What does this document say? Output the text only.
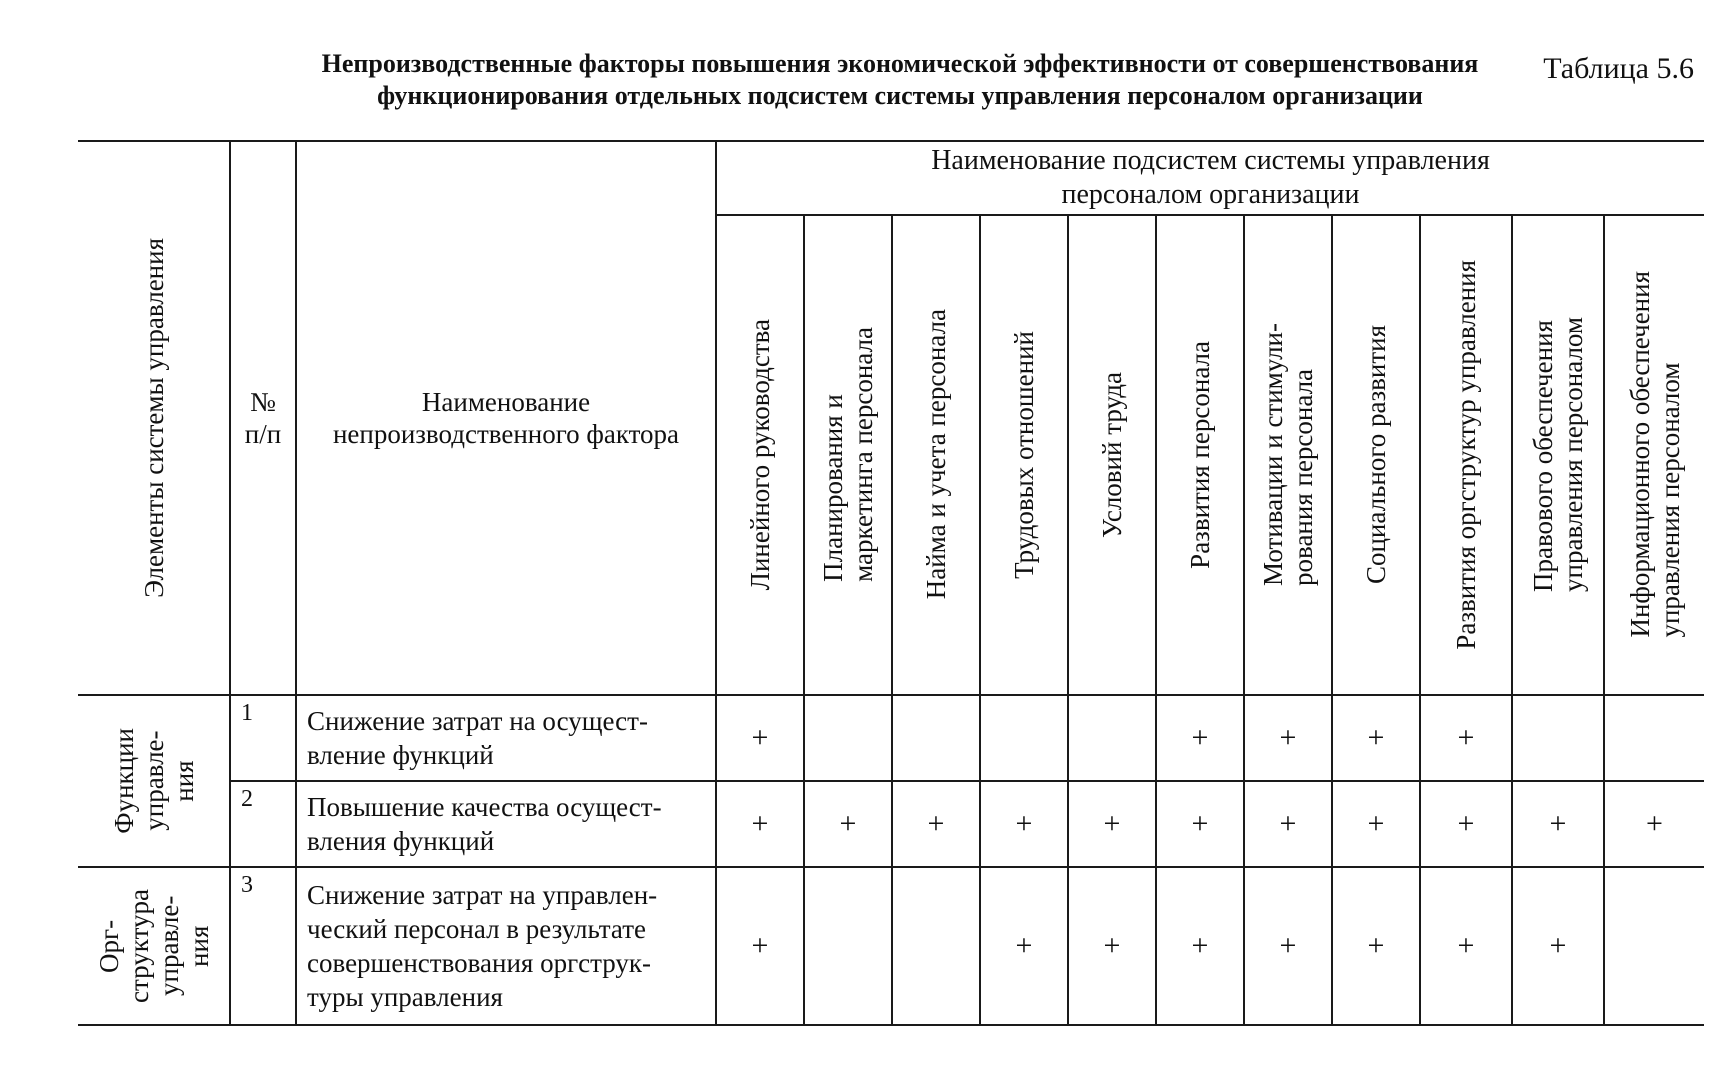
Таблица 5.6
Непроизводственные факторы повышения экономической эффективности от совершенствования
функционирования отдельных подсистем системы управления персоналом организации
Элементы системы управления	№
п/п	Наименование
непроизводственного фактора	Наименование подсистем системы управления
персоналом организации										

			Линейного руководства	Планирования и
маркетинга персонала	Найма и учета персонала	Трудовых отношений	Условий труда	Развития персонала	Мотивации и стимули-
рования персонала	Социального развития	Развития оргструктур управления	Правового обеспечения
управления персоналом	Информационного обеспечения
управления персоналом

Функции
управле-
ния	1	Снижение затрат на осущест-
вление функций	+					+	+	+	+		
	2	Повышение качества осущест-
вления функций	+	+	+	+	+	+	+	+	+	+	+

Орг-
структура
управле-
ния	3	Снижение затрат на управлен-
ческий персонал в результате
совершенствования оргструк-
туры управления	+			+	+	+	+	+	+	+	
